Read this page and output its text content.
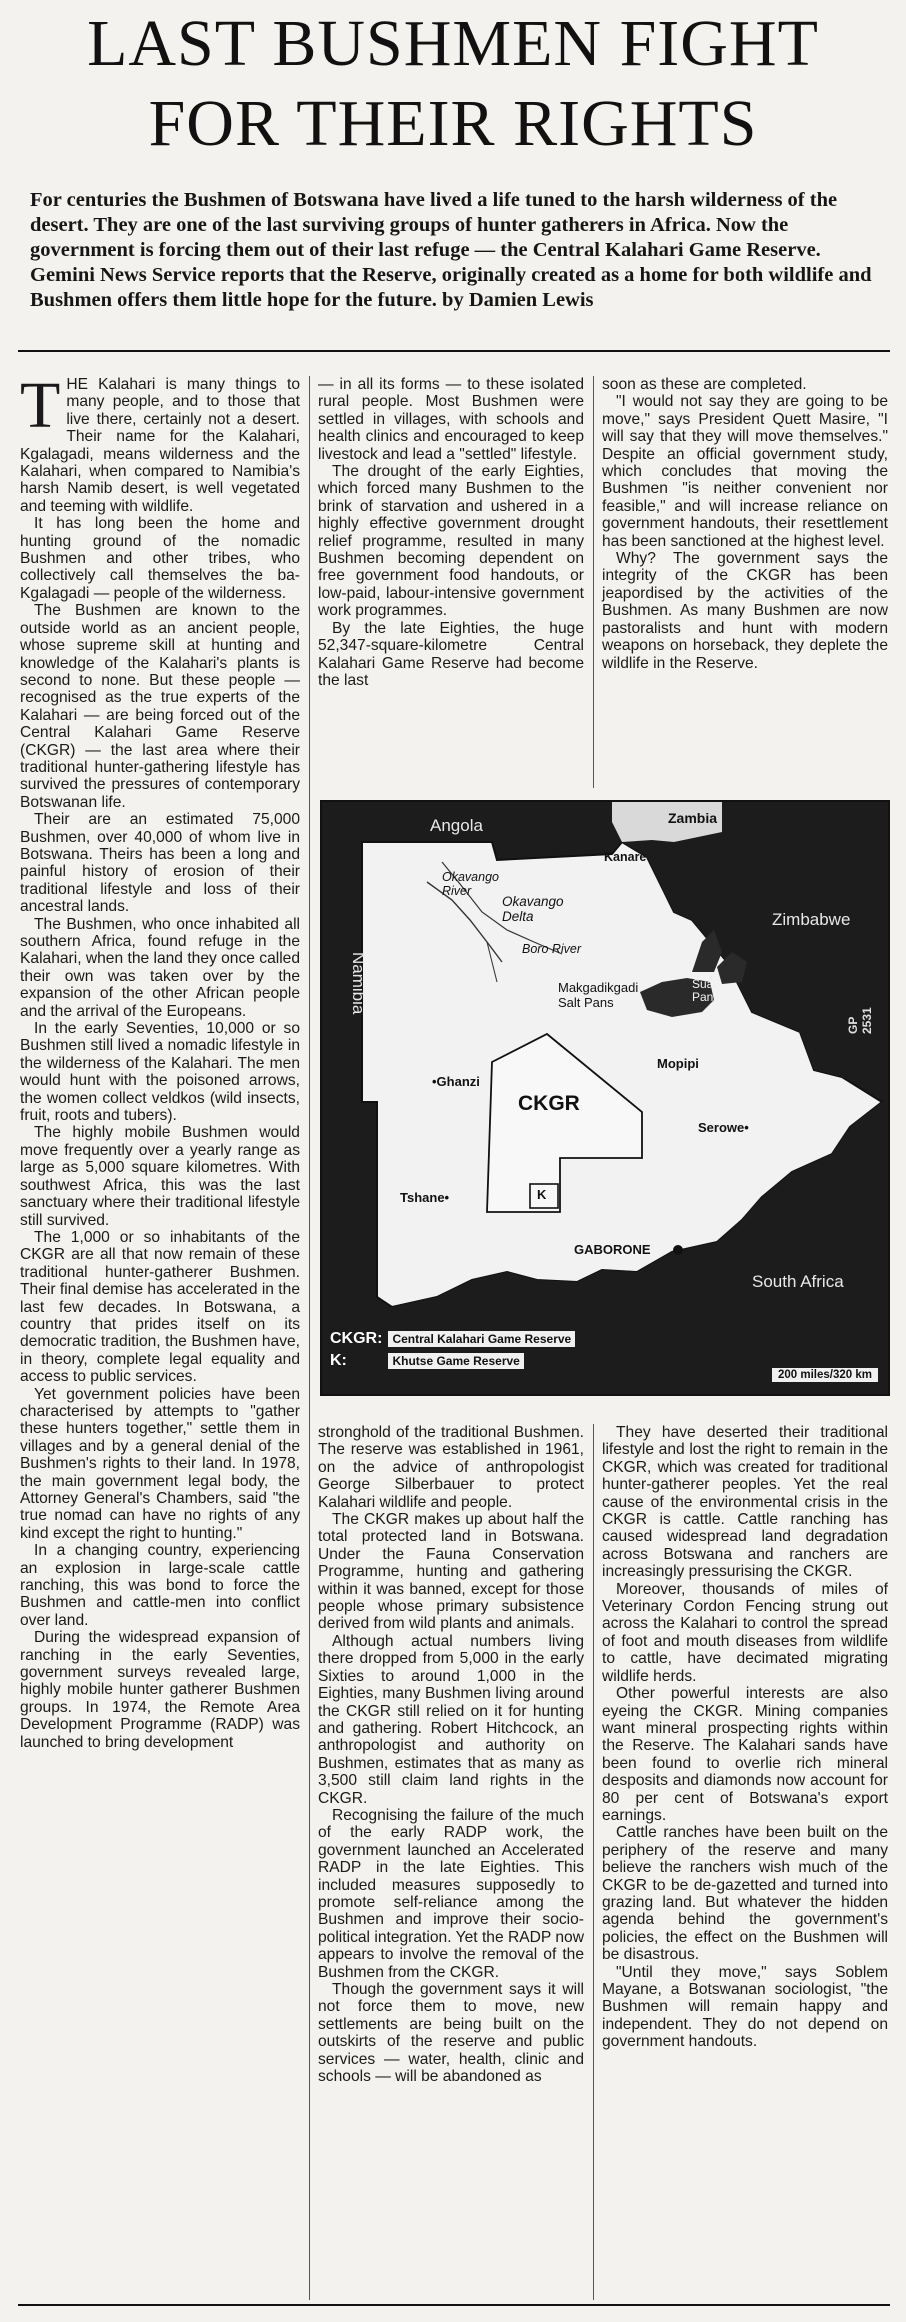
LAST BUSHMEN FIGHT
FOR THEIR RIGHTS
For centuries the Bushmen of Botswana have lived a life tuned to the harsh wilderness of the desert. They are one of the last surviving groups of hunter gatherers in Africa. Now the government is forcing them out of their last refuge — the Central Kalahari Game Reserve. Gemini News Service reports that the Reserve, originally created as a home for both wildlife and Bushmen offers them little hope for the future. by Damien Lewis

THE Kalahari is many things to many people, and to those that live there, certainly not a desert. Their name for the Kalahari, Kgalagadi, means wilderness and the Kalahari, when compared to Namibia's harsh Namib desert, is well vegetated and teeming with wildlife.

It has long been the home and hunting ground of the nomadic Bushmen and other tribes, who collectively call themselves the ba-Kgalagadi — people of the wilderness.

The Bushmen are known to the outside world as an ancient people, whose supreme skill at hunting and knowledge of the Kalahari's plants is second to none. But these people — recognised as the true experts of the Kalahari — are being forced out of the Central Kalahari Game Reserve (CKGR) — the last area where their traditional hunter-gathering lifestyle has survived the pressures of contemporary Botswanan life.

Their are an estimated 75,000 Bushmen, over 40,000 of whom live in Botswana. Theirs has been a long and painful history of erosion of their traditional lifestyle and loss of their ancestral lands.

The Bushmen, who once inhabited all southern Africa, found refuge in the Kalahari, when the land they once called their own was taken over by the expansion of the other African people and the arrival of the Europeans.

In the early Seventies, 10,000 or so Bushmen still lived a nomadic lifestyle in the wilderness of the Kalahari. The men would hunt with the poisoned arrows, the women collect veldkos (wild insects, fruit, roots and tubers).

The highly mobile Bushmen would move frequently over a yearly range as large as 5,000 square kilometres. With southwest Africa, this was the last sanctuary where their traditional lifestyle still survived.

The 1,000 or so inhabitants of the CKGR are all that now remain of these traditional hunter-gatherer Bushmen. Their final demise has accelerated in the last few decades. In Botswana, a country that prides itself on its democratic tradition, the Bushmen have, in theory, complete legal equality and access to public services.

Yet government policies have been characterised by attempts to "gather these hunters together," settle them in villages and by a general denial of the Bushmen's rights to their land. In 1978, the main government legal body, the Attorney General's Chambers, said "the true nomad can have no rights of any kind except the right to hunting."

In a changing country, experiencing an explosion in large-scale cattle ranching, this was bond to force the Bushmen and cattle-men into conflict over land.

During the widespread expansion of ranching in the early Seventies, government surveys revealed large, highly mobile hunter gatherer Bushmen groups. In 1974, the Remote Area Development Programme (RADP) was launched to bring development

— in all its forms — to these isolated rural people. Most Bushmen were settled in villages, with schools and health clinics and encouraged to keep livestock and lead a "settled" lifestyle.

The drought of the early Eighties, which forced many Bushmen to the brink of starvation and ushered in a highly effective government drought relief programme, resulted in many Bushmen becoming dependent on free government food handouts, or low-paid, labour-intensive government work programmes.

By the late Eighties, the huge 52,347-square-kilometre Central Kalahari Game Reserve had become the last

soon as these are completed.

"I would not say they are going to be move," says President Quett Masire, "I will say that they will move themselves." Despite an official government study, which concludes that moving the Bushmen "is neither convenient nor feasible," and will increase reliance on government handouts, their resettlement has been sanctioned at the highest level.

Why? The government says the integrity of the CKGR has been jeapordised by the activities of the Bushmen. As many Bushmen are now pastoralists and hunt with modern weapons on horseback, they deplete the wildlife in the Reserve.

Angola	Zambia
Zimbabwe
Namibia
South Africa
Kanare
Okavango
River
Okavango
Delta
Boro River
Makgadikgadi
Salt Pans
Sua
Pan
Mopipi
•Ghanzi
CKGR
K
Serowe•
Tshane•
GABORONE
GP 2531
CKGR: Central Kalahari Game Reserve
K:	Khutse Game Reserve
200 miles/320 km

stronghold of the traditional Bushmen. The reserve was established in 1961, on the advice of anthropologist George Silberbauer to protect Kalahari wildlife and people.

The CKGR makes up about half the total protected land in Botswana. Under the Fauna Conservation Programme, hunting and gathering within it was banned, except for those people whose primary subsistence derived from wild plants and animals.

Although actual numbers living there dropped from 5,000 in the early Sixties to around 1,000 in the Eighties, many Bushmen living around the CKGR still relied on it for hunting and gathering. Robert Hitchcock, an anthropologist and authority on Bushmen, estimates that as many as 3,500 still claim land rights in the CKGR.

Recognising the failure of the much of the early RADP work, the government launched an Accelerated RADP in the late Eighties. This included measures supposedly to promote self-reliance among the Bushmen and improve their socio-political integration. Yet the RADP now appears to involve the removal of the Bushmen from the CKGR.

Though the government says it will not force them to move, new settlements are being built on the outskirts of the reserve and public services — water, health, clinic and schools — will be abandoned as

They have deserted their traditional lifestyle and lost the right to remain in the CKGR, which was created for traditional hunter-gatherer peoples. Yet the real cause of the environmental crisis in the CKGR is cattle. Cattle ranching has caused widespread land degradation across Botswana and ranchers are increasingly pressurising the CKGR.

Moreover, thousands of miles of Veterinary Cordon Fencing strung out across the Kalahari to control the spread of foot and mouth diseases from wildlife to cattle, have decimated migrating wildlife herds.

Other powerful interests are also eyeing the CKGR. Mining companies want mineral prospecting rights within the Reserve. The Kalahari sands have been found to overlie rich mineral desposits and diamonds now account for 80 per cent of Botswana's export earnings.

Cattle ranches have been built on the periphery of the reserve and many believe the ranchers wish much of the CKGR to be de-gazetted and turned into grazing land. But whatever the hidden agenda behind the government's policies, the effect on the Bushmen will be disastrous.

"Until they move," says Soblem Mayane, a Botswanan sociologist, "the Bushmen will remain happy and independent. They do not depend on government handouts.
